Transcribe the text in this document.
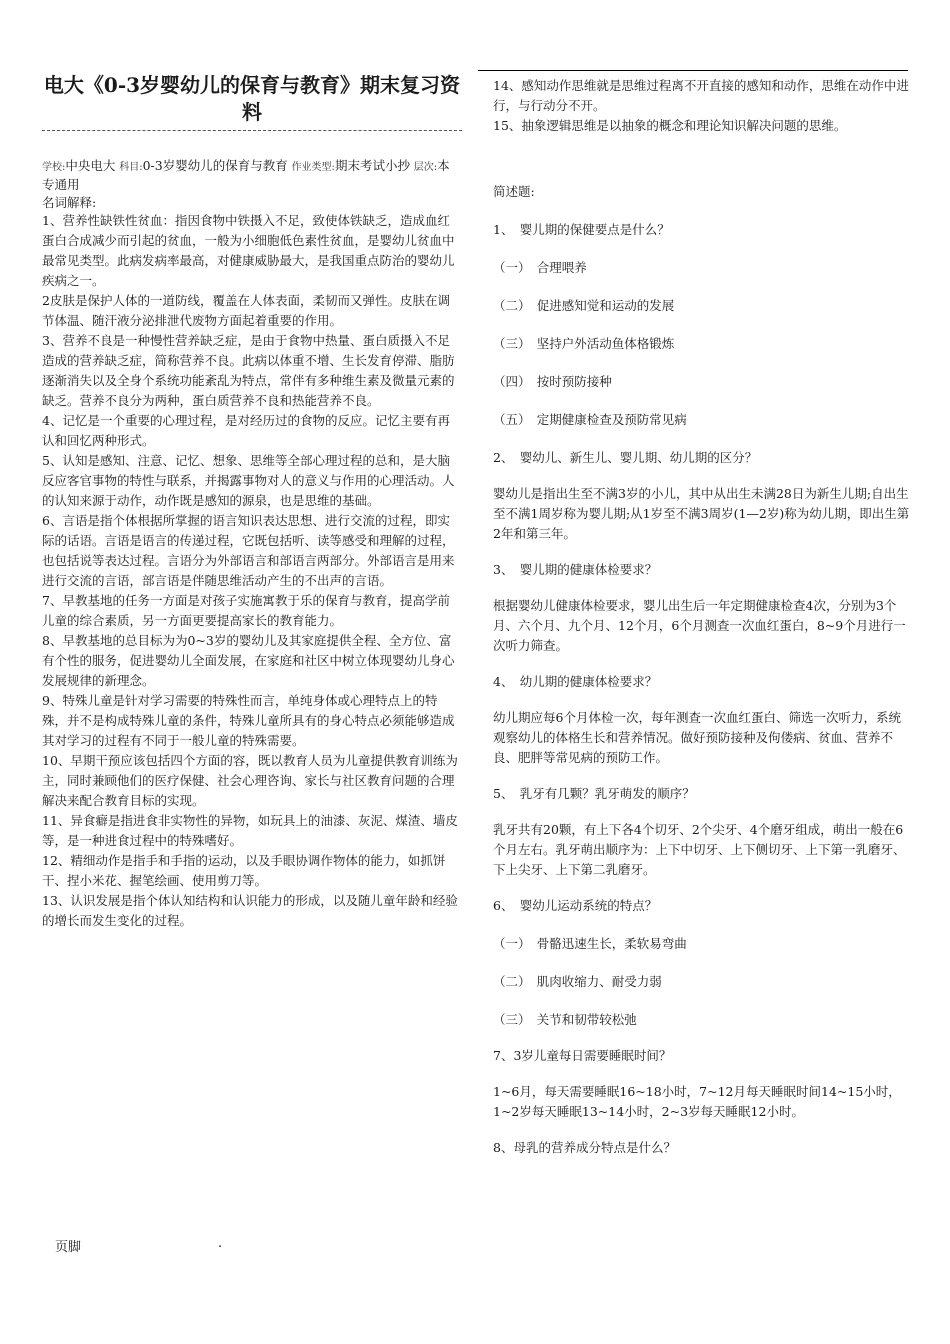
电大《0-3岁婴幼儿的保育与教育》期末复习资料
学校:中央电大 科目:0-3岁婴幼儿的保育与教育 作业类型:期末考试小抄 层次:本专通用
名词解释:

1、营养性缺铁性贫血：指因食物中铁摄入不足，致使体铁缺乏，造成血红蛋白合成减少而引起的贫血，一般为小细胞低色素性贫血，是婴幼儿贫血中最常见类型。此病发病率最高，对健康威胁最大，是我国重点防治的婴幼儿疾病之一。

2皮肤是保护人体的一道防线，覆盖在人体表面，柔韧而又弹性。皮肤在调节体温、随汗液分泌排泄代废物方面起着重要的作用。

3、营养不良是一种慢性营养缺乏症，是由于食物中热量、蛋白质摄入不足造成的营养缺乏症，简称营养不良。此病以体重不增、生长发育停滞、脂肪逐渐消失以及全身个系统功能紊乱为特点，常伴有多种维生素及微量元素的缺乏。营养不良分为两种，蛋白质营养不良和热能营养不良。

4、记忆是一个重要的心理过程，是对经历过的食物的反应。记忆主要有再认和回忆两种形式。

5、认知是感知、注意、记忆、想象、思维等全部心理过程的总和，是大脑反应客官事物的特性与联系，并揭露事物对人的意义与作用的心理活动。人的认知来源于动作，动作既是感知的源泉，也是思维的基础。

6、言语是指个体根据所掌握的语言知识表达思想、进行交流的过程，即实际的话语。言语是语言的传递过程，它既包括听、读等感受和理解的过程，也包括说等表达过程。言语分为外部语言和部语言两部分。外部语言是用来进行交流的言语，部言语是伴随思维活动产生的不出声的言语。

7、早教基地的任务一方面是对孩子实施寓教于乐的保育与教育，提高学前儿童的综合素质，另一方面更要提高家长的教育能力。

8、早教基地的总目标为为0~3岁的婴幼儿及其家庭提供全程、全方位、富有个性的服务，促进婴幼儿全面发展，在家庭和社区中树立体现婴幼儿身心发展规律的新理念。

9、特殊儿童是针对学习需要的特殊性而言，单纯身体或心理特点上的特殊，并不是构成特殊儿童的条件，特殊儿童所具有的身心特点必须能够造成其对学习的过程有不同于一般儿童的特殊需要。

10、早期干预应该包括四个方面的容，既以教育人员为儿童提供教育训练为主，同时兼顾他们的医疗保健、社会心理咨询、家长与社区教育问题的合理解决来配合教育目标的实现。

11、异食癖是指进食非实物性的异物，如玩具上的油漆、灰泥、煤渣、墙皮等，是一种进食过程中的特殊嗜好。

12、精细动作是指手和手指的运动，以及手眼协调作物体的能力，如抓饼干、捏小米花、握笔绘画、使用剪刀等。

13、认识发展是指个体认知结构和认识能力的形成，以及随儿童年龄和经验的增长而发生变化的过程。

14、感知动作思维就是思维过程离不开直接的感知和动作，思维在动作中进行，与行动分不开。

15、抽象逻辑思维是以抽象的概念和理论知识解决问题的思维。

简述题:

1、　婴儿期的保健要点是什么？

（一）　合理喂养

（二）　促进感知觉和运动的发展

（三）　坚持户外活动鱼体格锻炼

（四）　按时预防接种

（五）　定期健康检查及预防常见病

2、　婴幼儿、新生儿、婴儿期、幼儿期的区分？

婴幼儿是指出生至不满3岁的小儿，其中从出生未满28日为新生儿期;自出生至不满1周岁称为婴儿期;从1岁至不满3周岁(1—2岁)称为幼儿期，即出生第2年和第三年。

3、　婴儿期的健康体检要求？

根据婴幼儿健康体检要求，婴儿出生后一年定期健康检查4次，分别为3个月、六个月、九个月、12个月，6个月测查一次血红蛋白，8~9个月进行一次听力筛查。

4、　幼儿期的健康体检要求？

幼儿期应每6个月体检一次，每年测查一次血红蛋白、筛选一次听力，系统观察幼儿的体格生长和营养情况。做好预防接种及佝偻病、贫血、营养不良、肥胖等常见病的预防工作。

5、　乳牙有几颗？乳牙萌发的顺序？

乳牙共有20颗，有上下各4个切牙、2个尖牙、4个磨牙组成，萌出一般在6个月左右。乳牙萌出顺序为：上下中切牙、上下侧切牙、上下第一乳磨牙、下上尖牙、上下第二乳磨牙。

6、　婴幼儿运动系统的特点？

（一）　骨骼迅速生长，柔软易弯曲

（二）　肌肉收缩力、耐受力弱

（三）　关节和韧带较松弛

7、3岁儿童每日需要睡眠时间？

1~6月，每天需要睡眠16~18小时，7~12月每天睡眠时间14~15小时，1~2岁每天睡眠13~14小时，2~3岁每天睡眠12小时。

8、母乳的营养成分特点是什么？

页脚	.
